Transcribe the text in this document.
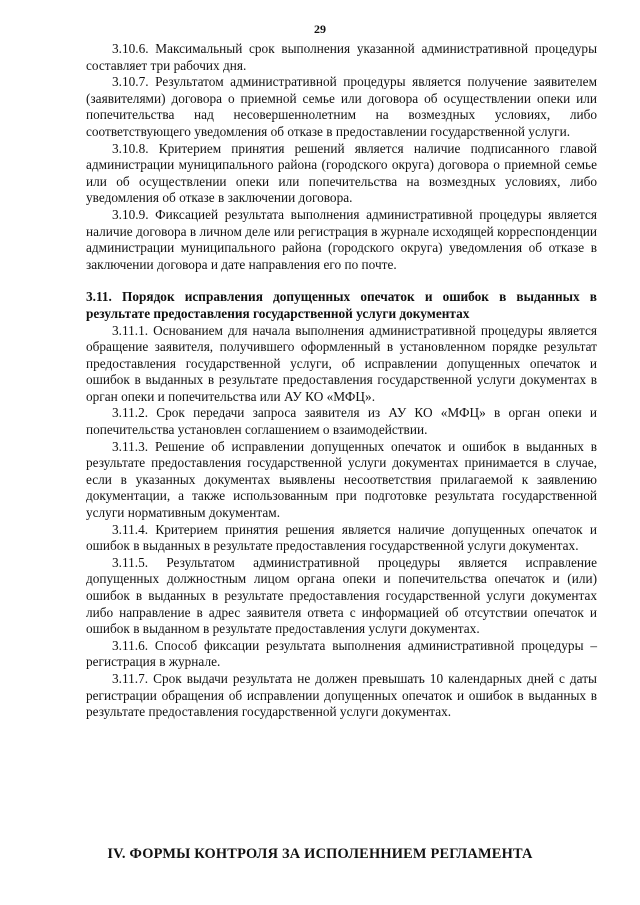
29

3.10.6. Максимальный срок выполнения указанной административной процедуры составляет три рабочих дня.

3.10.7. Результатом административной процедуры является получение заявителем (заявителями) договора о приемной семье или договора об осуществлении опеки или попечительства над несовершеннолетним на возмездных условиях, либо соответствующего уведомления об отказе в предоставлении государственной услуги.

3.10.8. Критерием принятия решений является наличие подписанного главой администрации муниципального района (городского округа) договора о приемной семье или об осуществлении опеки или попечительства на возмездных условиях, либо уведомления об отказе в заключении договора.

3.10.9. Фиксацией результата выполнения административной процедуры является наличие договора в личном деле или регистрация в журнале исходящей корреспонденции администрации муниципального района (городского округа) уведомления об отказе в заключении договора и дате направления его по почте.

3.11. Порядок исправления допущенных опечаток и ошибок в выданных в результате предоставления государственной услуги документах

3.11.1. Основанием для начала выполнения административной процедуры является обращение заявителя, получившего оформленный в установленном порядке результат предоставления государственной услуги, об исправлении допущенных опечаток и ошибок в выданных в результате предоставления государственной услуги документах в орган опеки и попечительства или АУ КО «МФЦ».

3.11.2. Срок передачи запроса заявителя из АУ КО «МФЦ» в орган опеки и попечительства установлен соглашением о взаимодействии.

3.11.3. Решение об исправлении допущенных опечаток и ошибок в выданных в результате предоставления государственной услуги документах принимается в случае, если в указанных документах выявлены несоответствия прилагаемой к заявлению документации, а также использованным при подготовке результата государственной услуги нормативным документам.

3.11.4. Критерием принятия решения является наличие допущенных опечаток и ошибок в выданных в результате предоставления государственной услуги документах.

3.11.5. Результатом административной процедуры является исправление допущенных должностным лицом органа опеки и попечительства опечаток и (или) ошибок в выданных в результате предоставления государственной услуги документах либо направление в адрес заявителя ответа с информацией об отсутствии опечаток и ошибок в выданном в результате предоставления услуги документах.

3.11.6. Способ фиксации результата выполнения административной процедуры – регистрация в журнале.

3.11.7. Срок выдачи результата не должен превышать 10 календарных дней с даты регистрации обращения об исправлении допущенных опечаток и ошибок в выданных в результате предоставления государственной услуги документах.

IV. ФОРМЫ КОНТРОЛЯ ЗА ИСПОЛЕННИЕМ РЕГЛАМЕНТА
